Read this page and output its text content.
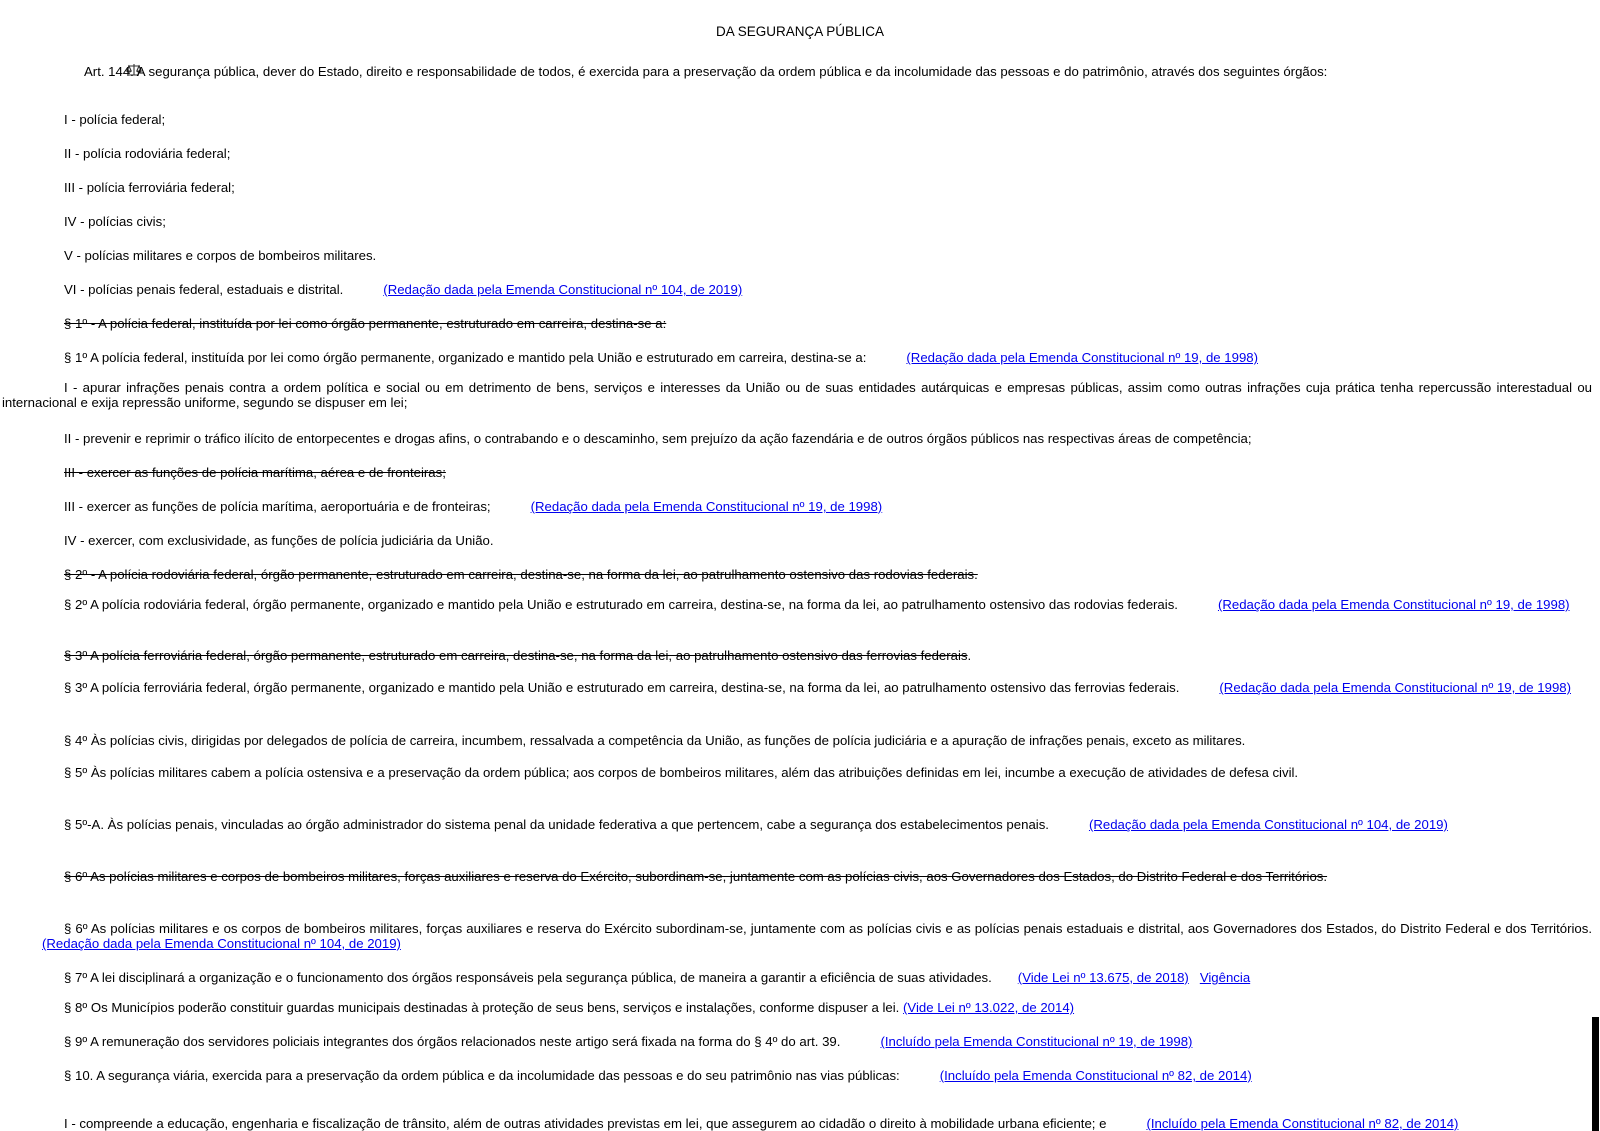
DA SEGURANÇA PÚBLICA
Art. 144. A segurança pública, dever do Estado, direito e responsabilidade de todos, é exercida para a preservação da ordem pública e da incolumidade das pessoas e do patrimônio, através dos seguintes órgãos:
I - polícia federal;
II - polícia rodoviária federal;
III - polícia ferroviária federal;
IV - polícias civis;
V - polícias militares e corpos de bombeiros militares.
VI - polícias penais federal, estaduais e distrital.	(Redação dada pela Emenda Constitucional nº 104, de 2019)
§ 1º - A polícia federal, instituída por lei como órgão permanente, estruturado em carreira, destina-se a:
§ 1º A polícia federal, instituída por lei como órgão permanente, organizado e mantido pela União e estruturado em carreira, destina-se a:	(Redação dada pela Emenda Constitucional nº 19, de 1998)
I - apurar infrações penais contra a ordem política e social ou em detrimento de bens, serviços e interesses da União ou de suas entidades autárquicas e empresas públicas, assim como outras infrações cuja prática tenha repercussão interestadual ou internacional e exija repressão uniforme, segundo se dispuser em lei;
II - prevenir e reprimir o tráfico ilícito de entorpecentes e drogas afins, o contrabando e o descaminho, sem prejuízo da ação fazendária e de outros órgãos públicos nas respectivas áreas de competência;
III - exercer as funções de polícia marítima, aérea e de fronteiras;
III - exercer as funções de polícia marítima, aeroportuária e de fronteiras;	(Redação dada pela Emenda Constitucional nº 19, de 1998)
IV - exercer, com exclusividade, as funções de polícia judiciária da União.
§ 2º - A polícia rodoviária federal, órgão permanente, estruturado em carreira, destina-se, na forma da lei, ao patrulhamento ostensivo das rodovias federais.
§ 2º A polícia rodoviária federal, órgão permanente, organizado e mantido pela União e estruturado em carreira, destina-se, na forma da lei, ao patrulhamento ostensivo das rodovias federais.	(Redação dada pela Emenda Constitucional nº 19, de 1998)
§ 3º A polícia ferroviária federal, órgão permanente, estruturado em carreira, destina-se, na forma da lei, ao patrulhamento ostensivo das ferrovias federais.
§ 3º A polícia ferroviária federal, órgão permanente, organizado e mantido pela União e estruturado em carreira, destina-se, na forma da lei, ao patrulhamento ostensivo das ferrovias federais.	(Redação dada pela Emenda Constitucional nº 19, de 1998)
§ 4º Às polícias civis, dirigidas por delegados de polícia de carreira, incumbem, ressalvada a competência da União, as funções de polícia judiciária e a apuração de infrações penais, exceto as militares.
§ 5º Às polícias militares cabem a polícia ostensiva e a preservação da ordem pública; aos corpos de bombeiros militares, além das atribuições definidas em lei, incumbe a execução de atividades de defesa civil.
§ 5º-A. Às polícias penais, vinculadas ao órgão administrador do sistema penal da unidade federativa a que pertencem, cabe a segurança dos estabelecimentos penais.	(Redação dada pela Emenda Constitucional nº 104, de 2019)
§ 6º As polícias militares e corpos de bombeiros militares, forças auxiliares e reserva do Exército, subordinam-se, juntamente com as polícias civis, aos Governadores dos Estados, do Distrito Federal e dos Territórios.
§ 6º As polícias militares e os corpos de bombeiros militares, forças auxiliares e reserva do Exército subordinam-se, juntamente com as polícias civis e as polícias penais estaduais e distrital, aos Governadores dos Estados, do Distrito Federal e dos Territórios.(Redação dada pela Emenda Constitucional nº 104, de 2019)
§ 7º A lei disciplinará a organização e o funcionamento dos órgãos responsáveis pela segurança pública, de maneira a garantir a eficiência de suas atividades. (Vide Lei nº 13.675, de 2018) Vigência
§ 8º Os Municípios poderão constituir guardas municipais destinadas à proteção de seus bens, serviços e instalações, conforme dispuser a lei. (Vide Lei nº 13.022, de 2014)
§ 9º A remuneração dos servidores policiais integrantes dos órgãos relacionados neste artigo será fixada na forma do § 4º do art. 39.	(Incluído pela Emenda Constitucional nº 19, de 1998)
§ 10. A segurança viária, exercida para a preservação da ordem pública e da incolumidade das pessoas e do seu patrimônio nas vias públicas:	(Incluído pela Emenda Constitucional nº 82, de 2014)
I - compreende a educação, engenharia e fiscalização de trânsito, além de outras atividades previstas em lei, que assegurem ao cidadão o direito à mobilidade urbana eficiente; e	(Incluído pela Emenda Constitucional nº 82, de 2014)
